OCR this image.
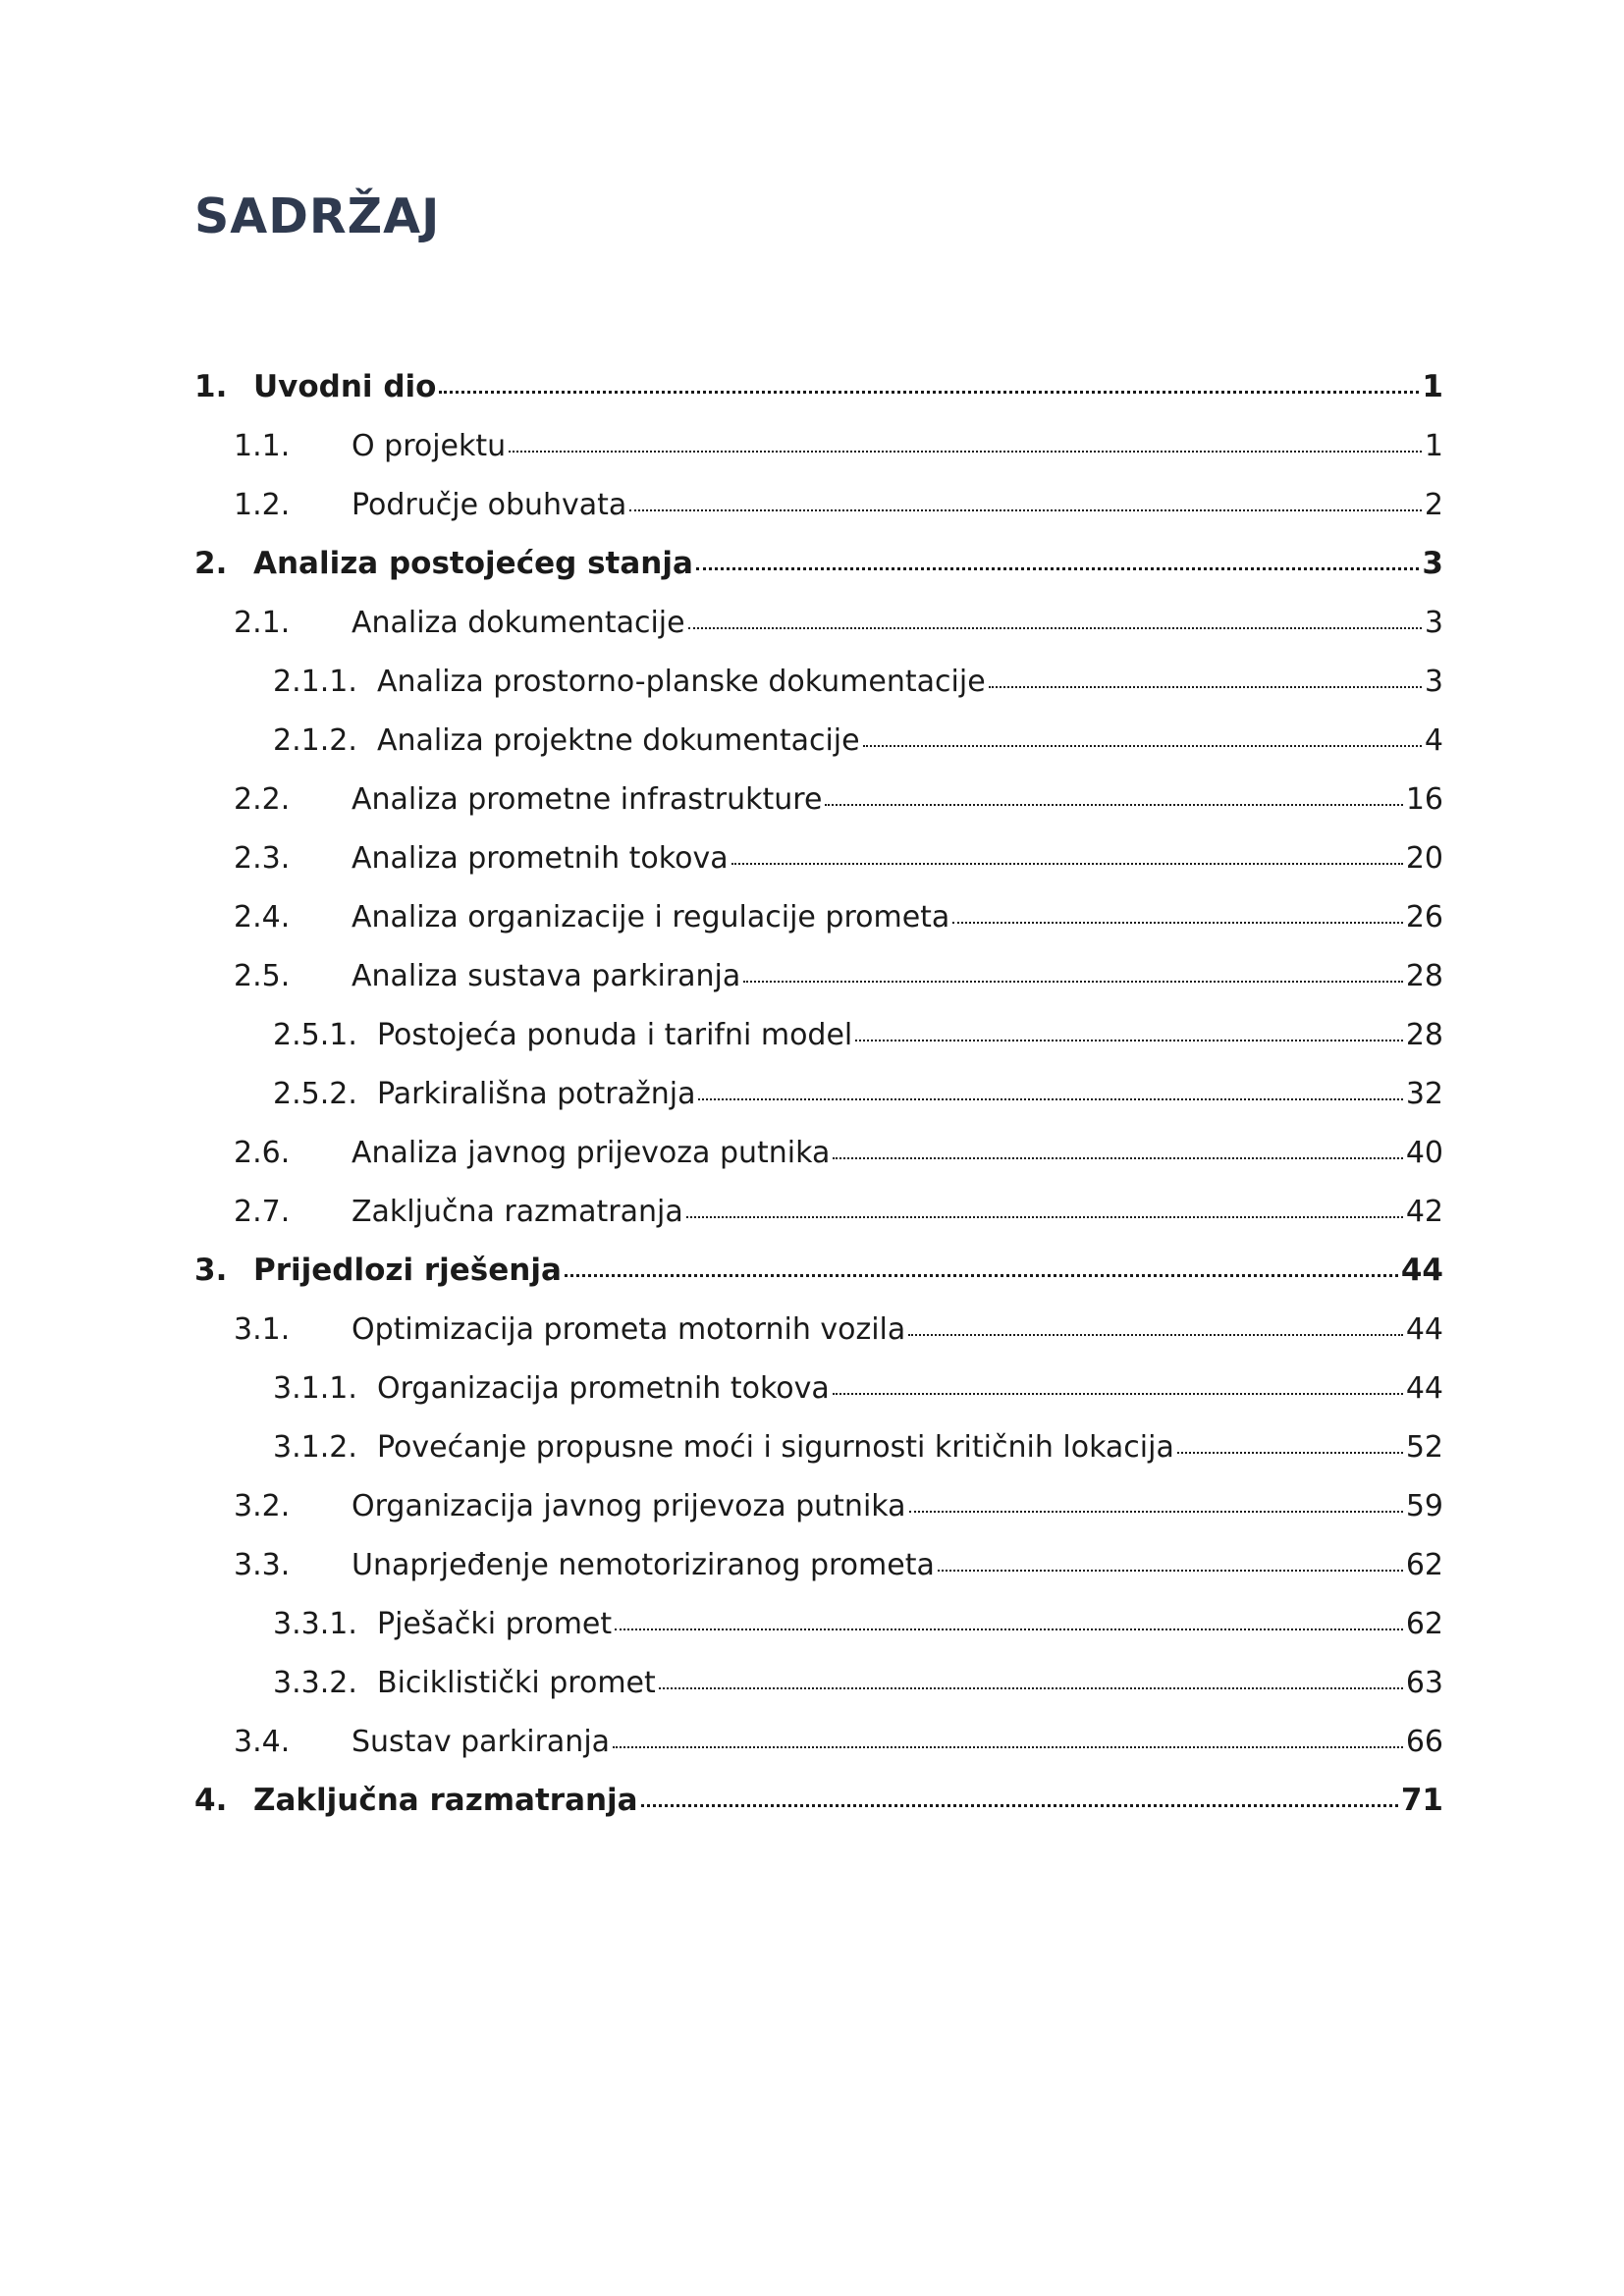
SADRŽAJ
1. Uvodni dio	1
1.1. O projektu	1
1.2. Područje obuhvata	2
2. Analiza postojećeg stanja	3
2.1. Analiza dokumentacije	3
2.1.1. Analiza prostorno-planske dokumentacije	3
2.1.2. Analiza projektne dokumentacije	4
2.2. Analiza prometne infrastrukture	16
2.3. Analiza prometnih tokova	20
2.4. Analiza organizacije i regulacije prometa	26
2.5. Analiza sustava parkiranja	28
2.5.1. Postojeća ponuda i tarifni model	28
2.5.2. Parkirališna potražnja	32
2.6. Analiza javnog prijevoza putnika	40
2.7. Zaključna razmatranja	42
3. Prijedlozi rješenja	44
3.1. Optimizacija prometa motornih vozila	44
3.1.1. Organizacija prometnih tokova	44
3.1.2. Povećanje propusne moći i sigurnosti kritičnih lokacija	52
3.2. Organizacija javnog prijevoza putnika	59
3.3. Unaprjeđenje nemotoriziranog prometa	62
3.3.1. Pješački promet	62
3.3.2. Biciklistički promet	63
3.4. Sustav parkiranja	66
4. Zaključna razmatranja	71
